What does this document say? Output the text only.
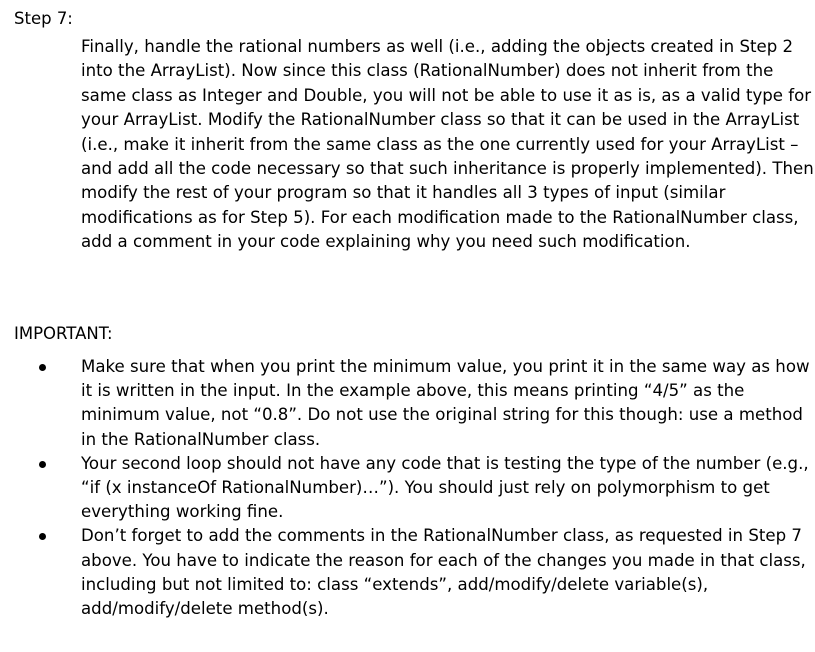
Step 7:

Finally, handle the rational numbers as well (i.e., adding the objects created in Step 2
into the ArrayList). Now since this class (RationalNumber) does not inherit from the
same class as Integer and Double, you will not be able to use it as is, as a valid type for
your ArrayList. Modify the RationalNumber class so that it can be used in the ArrayList
(i.e., make it inherit from the same class as the one currently used for your ArrayList –
and add all the code necessary so that such inheritance is properly implemented). Then
modify the rest of your program so that it handles all 3 types of input (similar
modifications as for Step 5). For each modification made to the RationalNumber class,
add a comment in your code explaining why you need such modification.

IMPORTANT:
Make sure that when you print the minimum value, you print it in the same way as how
it is written in the input. In the example above, this means printing “4/5” as the
minimum value, not “0.8”. Do not use the original string for this though: use a method
in the RationalNumber class.
Your second loop should not have any code that is testing the type of the number (e.g.,
“if (x instanceOf RationalNumber)…”). You should just rely on polymorphism to get
everything working fine.
Don’t forget to add the comments in the RationalNumber class, as requested in Step 7
above. You have to indicate the reason for each of the changes you made in that class,
including but not limited to: class “extends”, add/modify/delete variable(s),
add/modify/delete method(s).
